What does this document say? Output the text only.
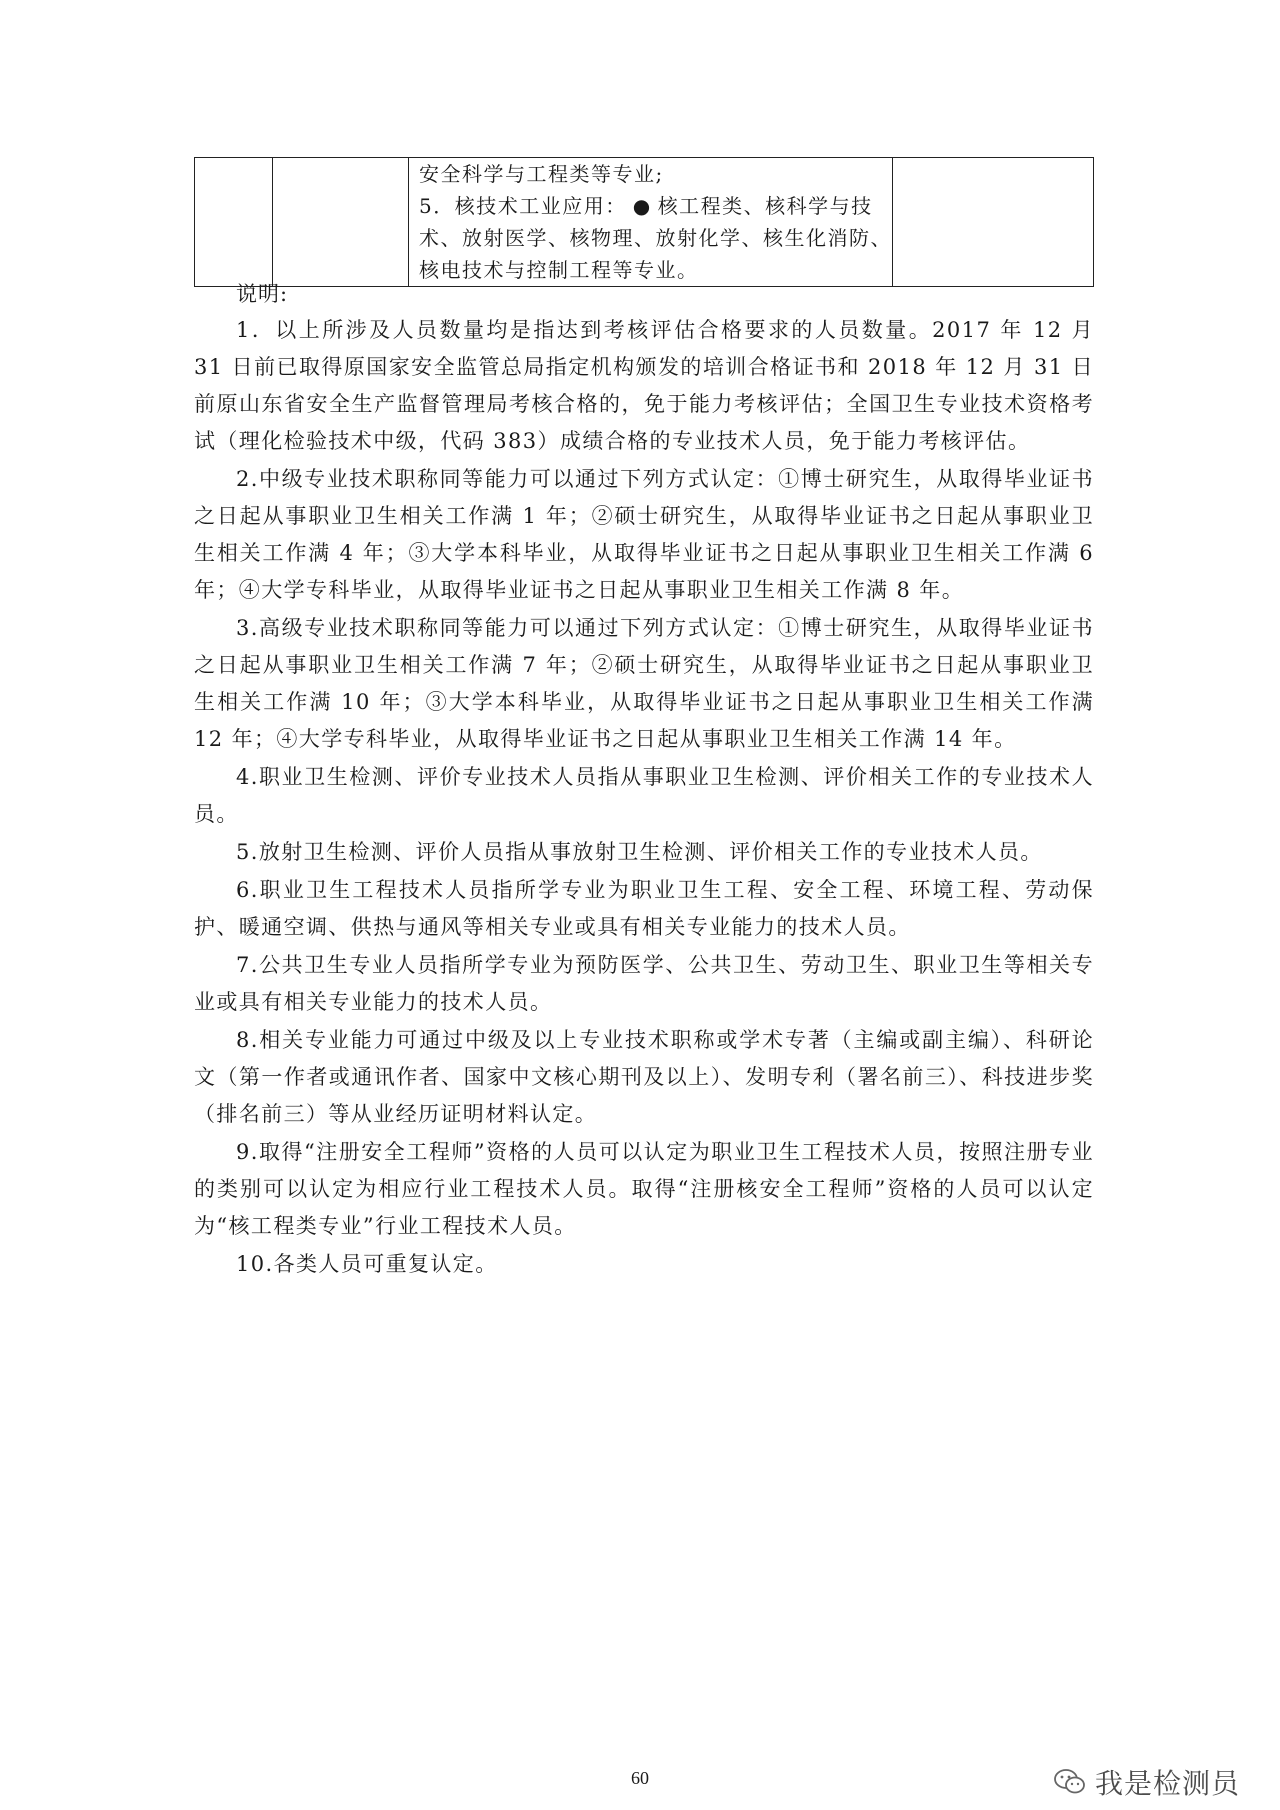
安全科学与工程类等专业;
5．核技术工业应用： ● 核工程类、核科学与技
术、放射医学、核物理、放射化学、核生化消防、
核电技术与控制工程等专业。

说明:

1．以上所涉及人员数量均是指达到考核评估合格要求的人员数量。2017 年 12 月 31 日前已取得原国家安全监管总局指定机构颁发的培训合格证书和 2018 年 12 月 31 日前原山东省安全生产监督管理局考核合格的，免于能力考核评估；全国卫生专业技术资格考试（理化检验技术中级，代码 383）成绩合格的专业技术人员，免于能力考核评估。

2.中级专业技术职称同等能力可以通过下列方式认定：①博士研究生，从取得毕业证书之日起从事职业卫生相关工作满 1 年；②硕士研究生，从取得毕业证书之日起从事职业卫生相关工作满 4 年；③大学本科毕业，从取得毕业证书之日起从事职业卫生相关工作满 6 年；④大学专科毕业，从取得毕业证书之日起从事职业卫生相关工作满 8 年。

3.高级专业技术职称同等能力可以通过下列方式认定：①博士研究生，从取得毕业证书之日起从事职业卫生相关工作满 7 年；②硕士研究生，从取得毕业证书之日起从事职业卫生相关工作满 10 年；③大学本科毕业，从取得毕业证书之日起从事职业卫生相关工作满 12 年；④大学专科毕业，从取得毕业证书之日起从事职业卫生相关工作满 14 年。

4.职业卫生检测、评价专业技术人员指从事职业卫生检测、评价相关工作的专业技术人员。

5.放射卫生检测、评价人员指从事放射卫生检测、评价相关工作的专业技术人员。

6.职业卫生工程技术人员指所学专业为职业卫生工程、安全工程、环境工程、劳动保护、暖通空调、供热与通风等相关专业或具有相关专业能力的技术人员。

7.公共卫生专业人员指所学专业为预防医学、公共卫生、劳动卫生、职业卫生等相关专业或具有相关专业能力的技术人员。

8.相关专业能力可通过中级及以上专业技术职称或学术专著（主编或副主编）、科研论文（第一作者或通讯作者、国家中文核心期刊及以上）、发明专利（署名前三）、科技进步奖（排名前三）等从业经历证明材料认定。

9.取得“注册安全工程师”资格的人员可以认定为职业卫生工程技术人员，按照注册专业的类别可以认定为相应行业工程技术人员。取得“注册核安全工程师”资格的人员可以认定为“核工程类专业”行业工程技术人员。

10.各类人员可重复认定。

60	我是检测员
